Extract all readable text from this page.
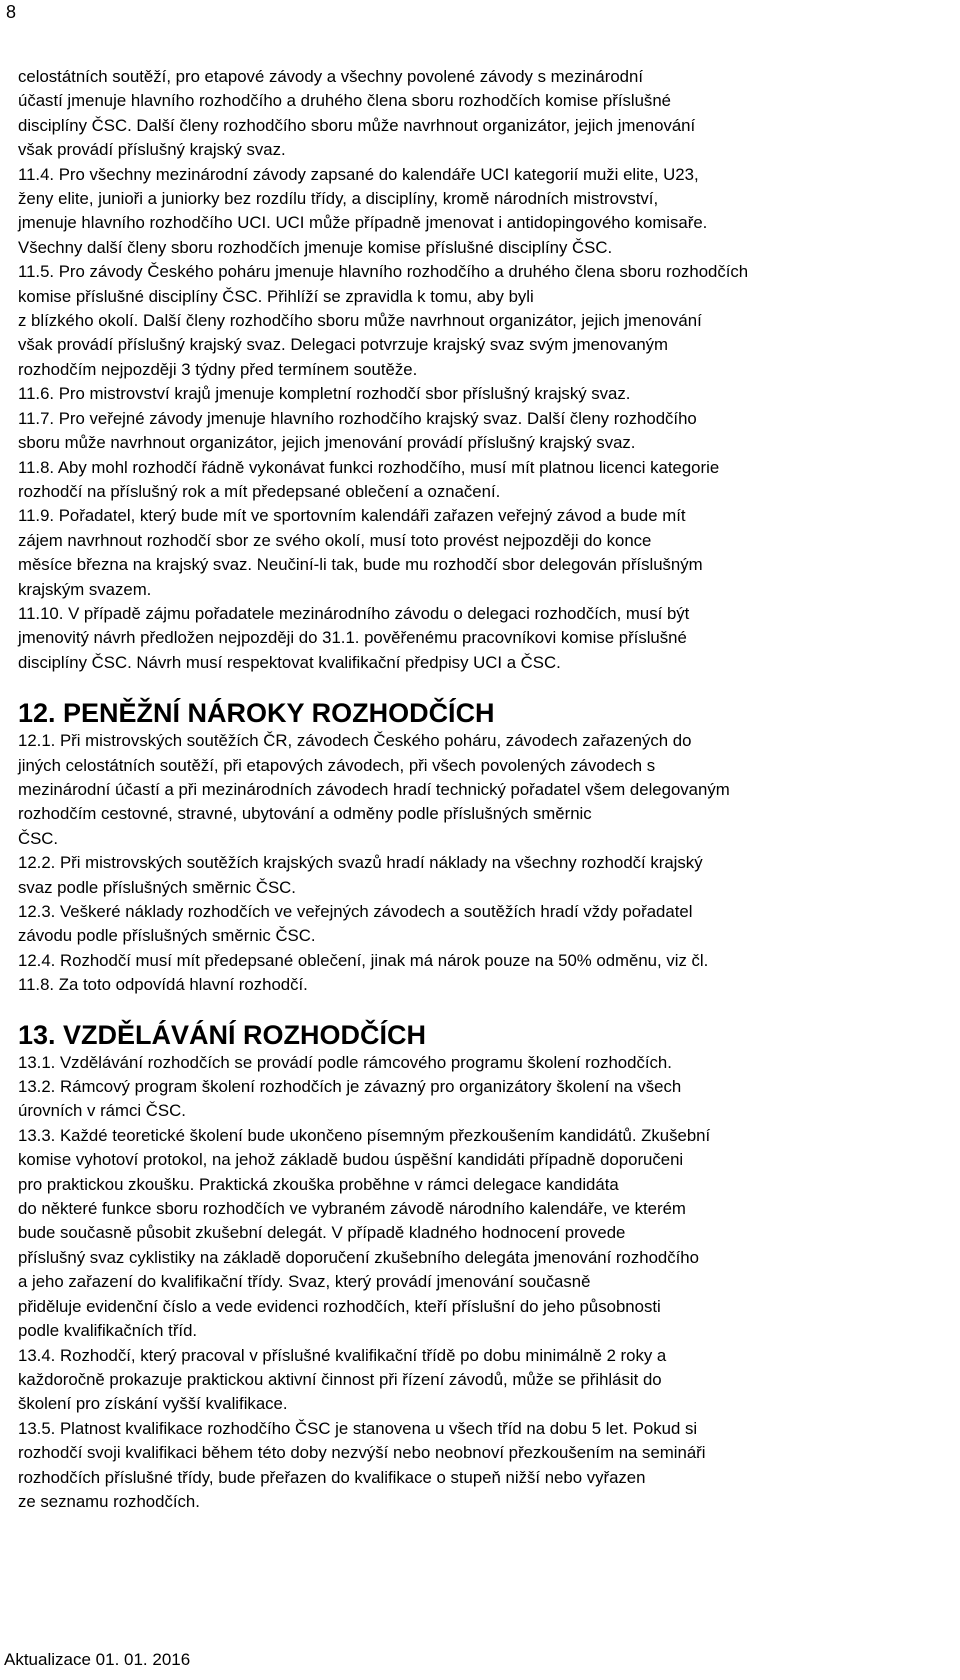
8
celostátních soutěží, pro etapové závody a všechny povolené závody s mezinárodní
účastí jmenuje hlavního rozhodčího a druhého člena sboru rozhodčích komise příslušné
disciplíny ČSC. Další členy rozhodčího sboru může navrhnout organizátor, jejich jmenování
však provádí příslušný krajský svaz.
11.4. Pro všechny mezinárodní závody zapsané do kalendáře UCI kategorií muži elite, U23,
ženy elite, junioři a juniorky bez rozdílu třídy, a disciplíny, kromě národních mistrovství,
jmenuje hlavního rozhodčího UCI. UCI může případně jmenovat i antidopingového komisaře.
Všechny další členy sboru rozhodčích jmenuje komise příslušné disciplíny ČSC.
11.5. Pro závody Českého poháru jmenuje hlavního rozhodčího a druhého člena sboru rozhodčích
komise příslušné disciplíny ČSC. Přihlíží se zpravidla k tomu, aby byli
z blízkého okolí. Další členy rozhodčího sboru může navrhnout organizátor, jejich jmenování
však provádí příslušný krajský svaz. Delegaci potvrzuje krajský svaz svým jmenovaným
rozhodčím nejpozději 3 týdny před termínem soutěže.
11.6. Pro mistrovství krajů jmenuje kompletní rozhodčí sbor příslušný krajský svaz.
11.7. Pro veřejné závody jmenuje hlavního rozhodčího krajský svaz. Další členy rozhodčího
sboru může navrhnout organizátor, jejich jmenování provádí příslušný krajský svaz.
11.8. Aby mohl rozhodčí řádně vykonávat funkci rozhodčího, musí mít platnou licenci kategorie
rozhodčí na příslušný rok a mít předepsané oblečení a označení.
11.9. Pořadatel, který bude mít ve sportovním kalendáři zařazen veřejný závod a bude mít
zájem navrhnout rozhodčí sbor ze svého okolí, musí toto provést nejpozději do konce
měsíce března na krajský svaz. Neučiní-li tak, bude mu rozhodčí sbor delegován příslušným
krajským svazem.
11.10. V případě zájmu pořadatele mezinárodního závodu o delegaci rozhodčích, musí být
jmenovitý návrh předložen nejpozději do 31.1. pověřenému pracovníkovi komise příslušné
disciplíny ČSC. Návrh musí respektovat kvalifikační předpisy UCI a ČSC.
12. PENĚŽNÍ NÁROKY ROZHODČÍCH
12.1. Při mistrovských soutěžích ČR, závodech Českého poháru, závodech zařazených do
jiných celostátních soutěží, při etapových závodech, při všech povolených závodech s
mezinárodní účastí a při mezinárodních závodech hradí technický pořadatel všem delegovaným
rozhodčím cestovné, stravné, ubytování a odměny podle příslušných směrnic
ČSC.
12.2. Při mistrovských soutěžích krajských svazů hradí náklady na všechny rozhodčí krajský
svaz podle příslušných směrnic ČSC.
12.3. Veškeré náklady rozhodčích ve veřejných závodech a soutěžích hradí vždy pořadatel
závodu podle příslušných směrnic ČSC.
12.4. Rozhodčí musí mít předepsané oblečení, jinak má nárok pouze na 50% odměnu, viz čl.
11.8. Za toto odpovídá hlavní rozhodčí.
13. VZDĚLÁVÁNÍ ROZHODČÍCH
13.1. Vzdělávání rozhodčích se provádí podle rámcového programu školení rozhodčích.
13.2. Rámcový program školení rozhodčích je závazný pro organizátory školení na všech
úrovních v rámci ČSC.
13.3. Každé teoretické školení bude ukončeno písemným přezkoušením kandidátů. Zkušební
komise vyhotoví protokol, na jehož základě budou úspěšní kandidáti případně doporučeni
pro praktickou zkoušku. Praktická zkouška proběhne v rámci delegace kandidáta
do některé funkce sboru rozhodčích ve vybraném závodě národního kalendáře, ve kterém
bude současně působit zkušební delegát. V případě kladného hodnocení provede
příslušný svaz cyklistiky na základě doporučení zkušebního delegáta jmenování rozhodčího
a jeho zařazení do kvalifikační třídy. Svaz, který provádí jmenování současně
přiděluje evidenční číslo a vede evidenci rozhodčích, kteří příslušní do jeho působnosti
podle kvalifikačních tříd.
13.4. Rozhodčí, který pracoval v příslušné kvalifikační třídě po dobu minimálně 2 roky a
každoročně prokazuje praktickou aktivní činnost při řízení závodů, může se přihlásit do
školení pro získání vyšší kvalifikace.
13.5. Platnost kvalifikace rozhodčího ČSC je stanovena u všech tříd na dobu 5 let. Pokud si
rozhodčí svoji kvalifikaci během této doby nezvýší nebo neobnoví přezkoušením na semináři
rozhodčích příslušné třídy, bude přeřazen do kvalifikace o stupeň nižší nebo vyřazen
ze seznamu rozhodčích.
Aktualizace 01. 01. 2016
